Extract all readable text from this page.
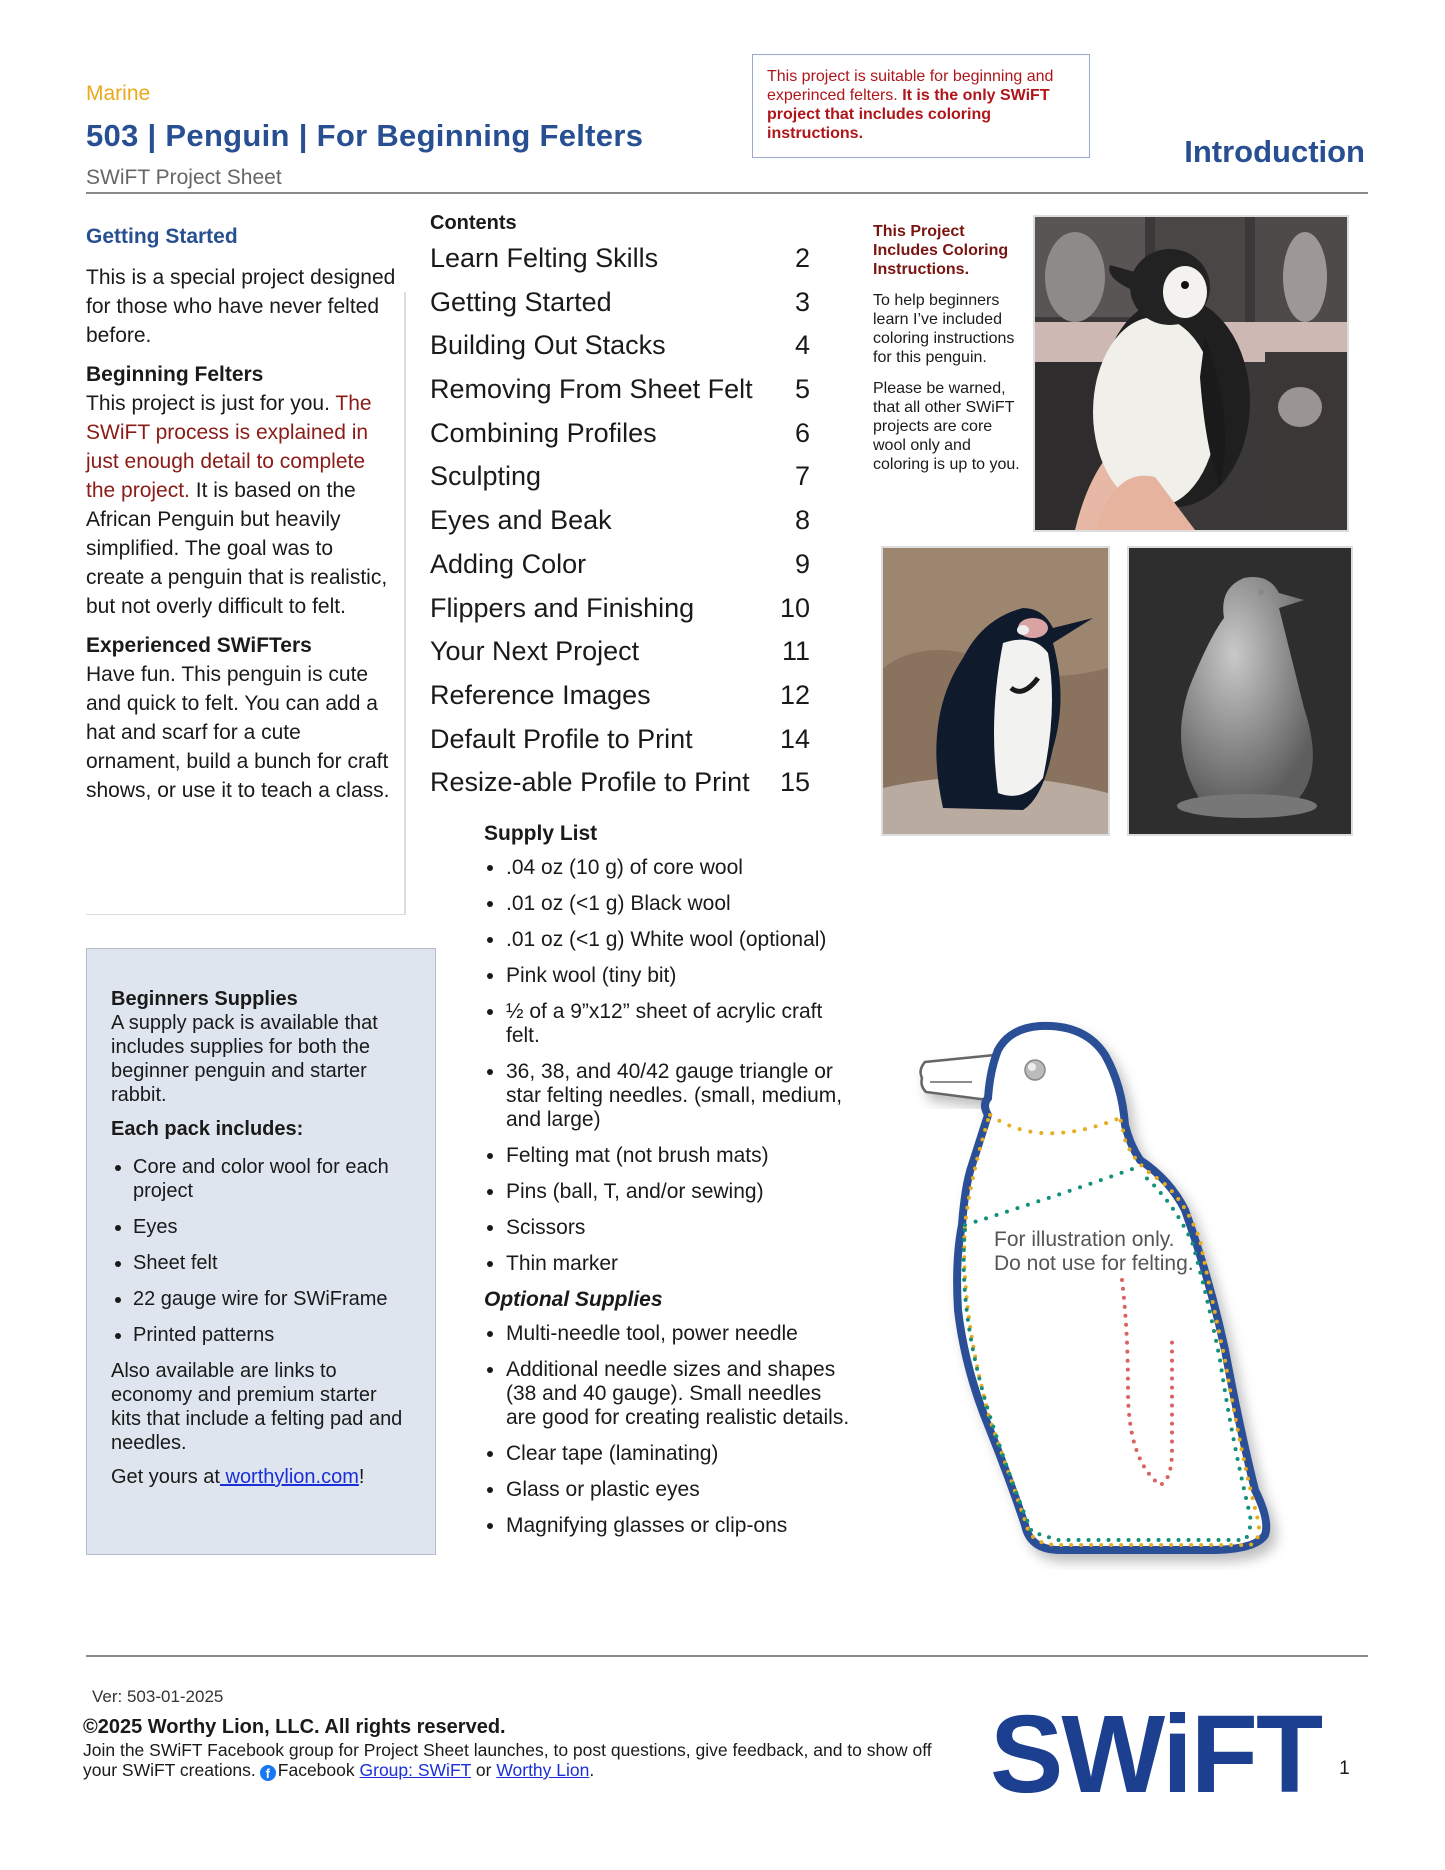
Marine
503 | Penguin | For Beginning Felters
SWiFT Project Sheet
This project is suitable for beginning and experinced felters. It is the only SWiFT project that includes coloring instructions.
Introduction
Getting Started

This is a special project designed for those who have never felted before.

Beginning Felters
This project is just for you. The SWiFT process is explained in just enough detail to complete the project. It is based on the African Penguin but heavily simplified. The goal was to create a penguin that is realistic, but not overly difficult to felt.

Experienced SWiFTers
Have fun. This penguin is cute and quick to felt. You can add a hat and scarf for a cute ornament, build a bunch for craft shows, or use it to teach a class.

Beginners Supplies

A supply pack is available that includes supplies for both the beginner penguin and starter rabbit.

Each pack includes:

• Core and color wool for each project
• Eyes
• Sheet felt
• 22 gauge wire for SWiFrame
• Printed patterns

Also available are links to economy and premium starter kits that include a felting pad and needles.

Get yours at worthylion.com!

Contents
Learn Felting Skills	2
Getting Started	3
Building Out Stacks	4
Removing From Sheet Felt 5
Combining Profiles	6
Sculpting	7
Eyes and Beak	8
Adding Color	9
Flippers and Finishing	10
Your Next Project	11
Reference Images	12
Default Profile to Print	14
Resize-able Profile to Print 15
Supply List
• .04 oz (10 g) of core wool
• .01 oz (<1 g) Black wool
• .01 oz (<1 g) White wool (optional)
• Pink wool (tiny bit)
• ½ of a 9”x12” sheet of acrylic craft felt.
• 36, 38, and 40/42 gauge triangle or star felting needles. (small, medium, and large)
• Felting mat (not brush mats)
• Pins (ball, T, and/or sewing)
• Scissors
• Thin marker
Optional Supplies
• Multi-needle tool, power needle
• Additional needle sizes and shapes (38 and 40 gauge). Small needles are good for creating realistic details.
• Clear tape (laminating)
• Glass or plastic eyes
• Magnifying glasses or clip-ons
This Project Includes Coloring Instructions.

To help beginners learn I’ve included coloring instructions for this penguin.

Please be warned, that all other SWiFT projects are core wool only and coloring is up to you.

For illustration only. Do not use for felting.
Ver: 503-01-2025
©2025 Worthy Lion, LLC. All rights reserved.
Join the SWiFT Facebook group for Project Sheet launches, to post questions, give feedback, and to show off your SWiFT creations. f Facebook Group: SWiFT or Worthy Lion.	SWiFT 1
